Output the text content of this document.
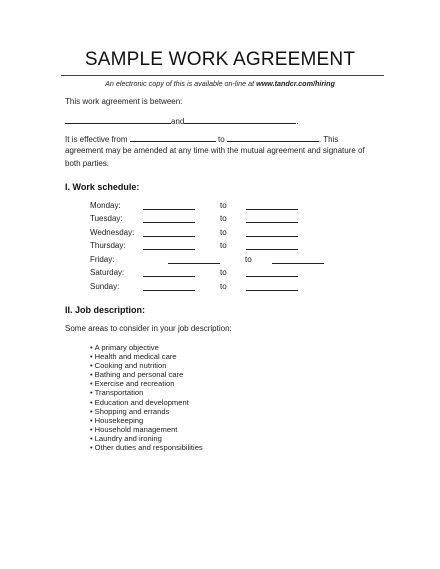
SAMPLE WORK AGREEMENT
An electronic copy of this is available on-line at www.tandcr.com/hiring
This work agreement is between:
and	.
It is effective from	to	. This
agreement may be amended at any time with the mutual agreement and signature of
both parties.
I. Work schedule:
Monday:	to
Tuesday:	to
Wednesday:	to
Thursday:	to
Friday:	to
Saturday:	to
Sunday:	to
II. Job description:
Some areas to consider in your job description:
• A primary objective
• Health and medical care
• Cooking and nutrition
• Bathing and personal care
• Exercise and recreation
• Transportation
• Education and development
• Shopping and errands
• Housekeeping
• Household management
• Laundry and ironing
• Other duties and responsibilities
